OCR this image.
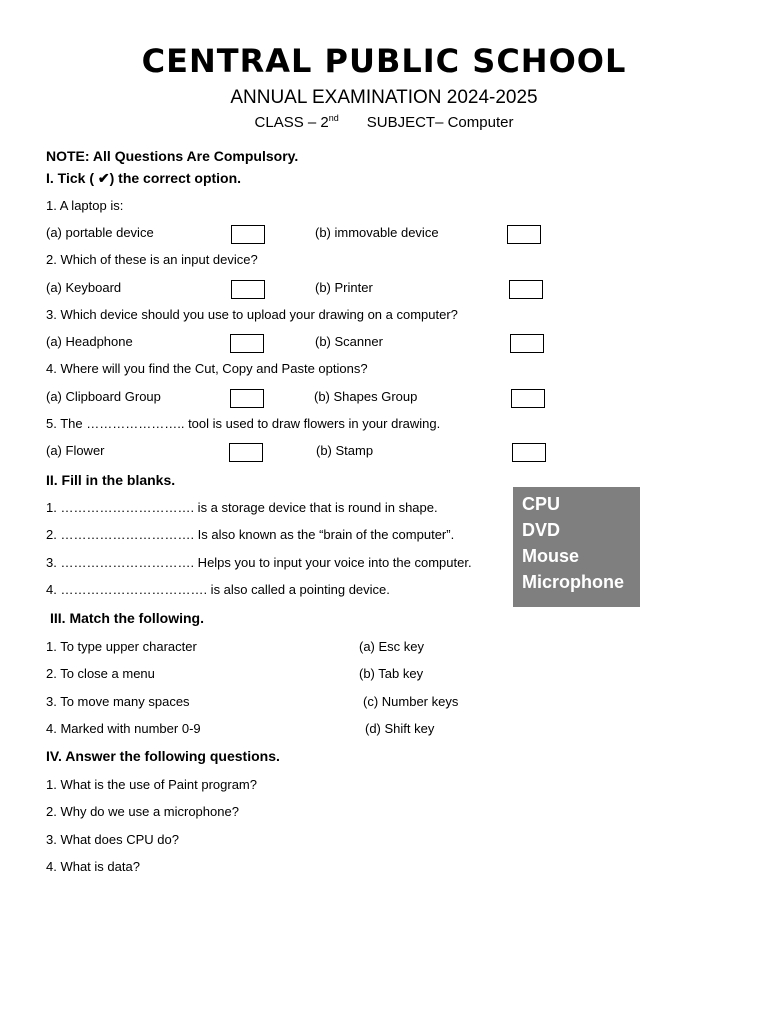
CENTRAL PUBLIC SCHOOL
ANNUAL EXAMINATION 2024-2025
CLASS – 2nd SUBJECT– Computer
NOTE: All Questions Are Compulsory.
I. Tick ( ✔) the correct option.
1. A laptop is:
(a) portable device	(b) immovable device
2. Which of these is an input device?
(a) Keyboard	(b) Printer
3. Which device should you use to upload your drawing on a computer?
(a) Headphone	(b) Scanner
4. Where will you find the Cut, Copy and Paste options?
(a) Clipboard Group	(b) Shapes Group
5. The ………………….. tool is used to draw flowers in your drawing.
(a) Flower	(b) Stamp
II. Fill in the blanks.
1. …………………………. is a storage device that is round in shape.
2. …………………………. Is also known as the “brain of the computer”.
3. …………………………. Helps you to input your voice into the computer.
4. ……………………………. is also called a pointing device.
CPU
DVD
Mouse
Microphone
III. Match the following.
1. To type upper character	(a) Esc key
2. To close a menu	(b) Tab key
3. To move many spaces	(c) Number keys
4. Marked with number 0-9	(d) Shift key
IV. Answer the following questions.
1. What is the use of Paint program?
2. Why do we use a microphone?
3. What does CPU do?
4. What is data?
